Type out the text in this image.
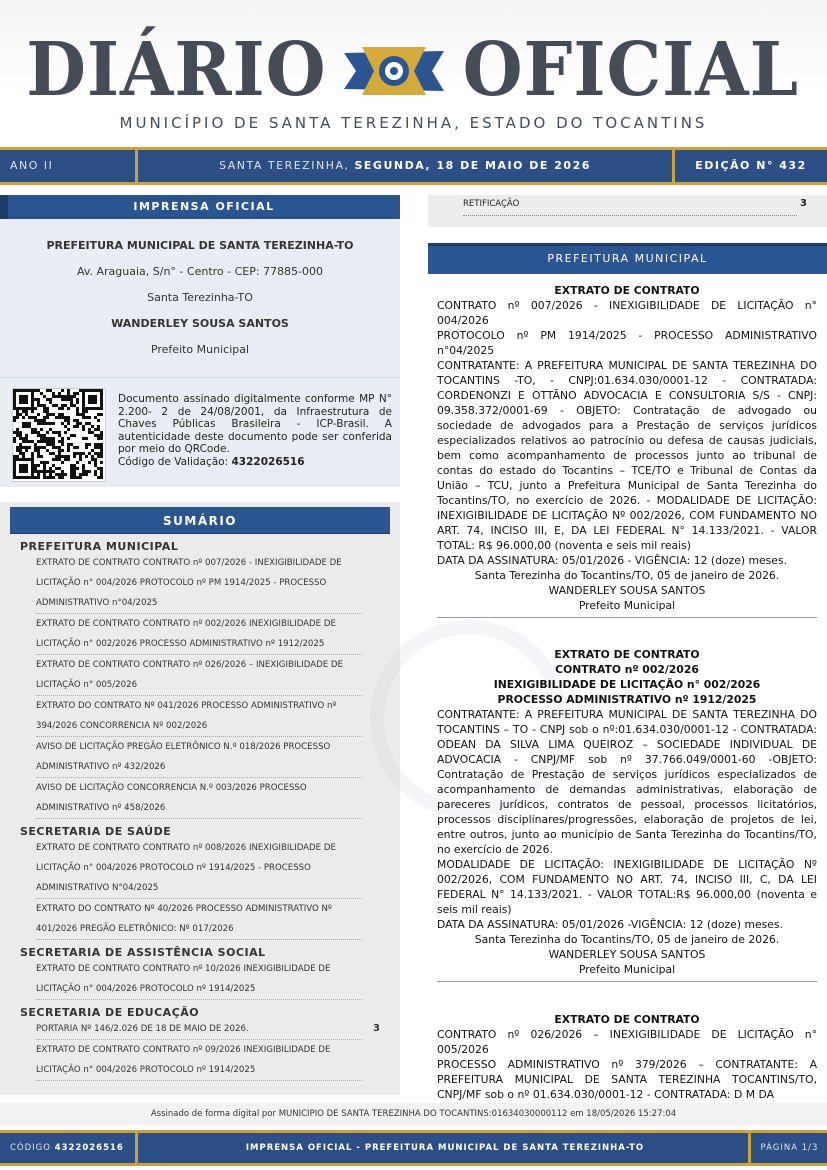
DIÁRIO OFICIAL
MUNICÍPIO DE SANTA TEREZINHA, ESTADO DO TOCANTINS
ANO II	SANTA TEREZINHA, SEGUNDA, 18 DE MAIO DE 2026	EDIÇÃO N° 432
IMPRENSA OFICIAL
PREFEITURA MUNICIPAL DE SANTA TEREZINHA-TO
Av. Araguaia, S/n° - Centro - CEP: 77885-000
Santa Terezinha-TO
WANDERLEY SOUSA SANTOS
Prefeito Municipal
Documento assinado digitalmente conforme MP N° 2.200- 2 de 24/08/2001, da Infraestrutura de Chaves Públicas Brasileira - ICP-Brasil. A autenticidade deste documento pode ser conferida por meio do QRCode.
Código de Validação: 4322026516
SUMÁRIO
PREFEITURA MUNICIPAL
EXTRATO DE CONTRATO CONTRATO nº 007/2026 - INEXIGIBILIDADE DE LICITAÇÃO n° 004/2026 PROTOCOLO nº PM 1914/2025 - PROCESSO ADMINISTRATIVO n°04/2025
EXTRATO DE CONTRATO CONTRATO nº 002/2026 INEXIGIBILIDADE DE LICITAÇÃO n° 002/2026 PROCESSO ADMINISTRATIVO nº 1912/2025
EXTRATO DE CONTRATO CONTRATO nº 026/2026 – INEXIGIBILIDADE DE LICITAÇÃO n° 005/2026
EXTRATO DO CONTRATO Nº 041/2026 PROCESSO ADMINISTRATIVO nº 394/2026 CONCORRENCIA Nº 002/2026
AVISO DE LICITAÇÃO PREGÃO ELETRÔNICO N.º 018/2026 PROCESSO ADMINISTRATIVO nº 432/2026
AVISO DE LICITAÇÃO CONCORRENCIA N.º 003/2026 PROCESSO ADMINISTRATIVO nº 458/2026
SECRETARIA DE SAÚDE
EXTRATO DE CONTRATO CONTRATO nº 008/2026 INEXIGIBILIDADE DE LICITAÇÃO n° 004/2026 PROTOCOLO nº 1914/2025 - PROCESSO ADMINISTRATIVO N°04/2025
EXTRATO DO CONTRATO Nº 40/2026 PROCESSO ADMINISTRATIVO Nº 401/2026 PREGÃO ELETRÔNICO: Nº 017/2026
SECRETARIA DE ASSISTÊNCIA SOCIAL
EXTRATO DE CONTRATO CONTRATO nº 10/2026 INEXIGIBILIDADE DE LICITAÇÃO n° 004/2026 PROTOCOLO nº 1914/2025
SECRETARIA DE EDUCAÇÃO
PORTARIA Nº 146/2.026 DE 18 DE MAIO DE 2026.	3
EXTRATO DE CONTRATO CONTRATO nº 09/2026 INEXIGIBILIDADE DE LICITAÇÃO n° 004/2026 PROTOCOLO nº 1914/2025
RETIFICAÇÃO	3
PREFEITURA MUNICIPAL
EXTRATO DE CONTRATO
CONTRATO nº 007/2026 - INEXIGIBILIDADE DE LICITAÇÃO n° 004/2026
PROTOCOLO nº PM 1914/2025 - PROCESSO ADMINISTRATIVO n°04/2025
CONTRATANTE: A PREFEITURA MUNICIPAL DE SANTA TEREZINHA DO TOCANTINS -TO, - CNPJ:01.634.030/0001-12 - CONTRATADA: CORDENONZI E OTTÃNO ADVOCACIA E CONSULTORIA S/S - CNPJ: 09.358.372/0001-69 - OBJETO: Contratação de advogado ou sociedade de advogados para a Prestação de serviços jurídicos especializados relativos ao patrocínio ou defesa de causas judiciais, bem como acompanhamento de processos junto ao tribunal de contas do estado do Tocantins – TCE/TO e Tribunal de Contas da União – TCU, junto a Prefeitura Municipal de Santa Terezinha do Tocantins/TO, no exercício de 2026. - MODALIDADE DE LICITAÇÃO: INEXIGIBILIDADE DE LICITAÇÃO Nº 002/2026, COM FUNDAMENTO NO ART. 74, INCISO III, E, DA LEI FEDERAL N° 14.133/2021. - VALOR TOTAL: R$ 96.000,00 (noventa e seis mil reais)
DATA DA ASSINATURA: 05/01/2026 - VIGÊNCIA: 12 (doze) meses.
Santa Terezinha do Tocantins/TO, 05 de janeiro de 2026.
WANDERLEY SOUSA SANTOS
Prefeito Municipal
EXTRATO DE CONTRATO
CONTRATO nº 002/2026
INEXIGIBILIDADE DE LICITAÇÃO n° 002/2026
PROCESSO ADMINISTRATIVO nº 1912/2025
CONTRATANTE: A PREFEITURA MUNICIPAL DE SANTA TEREZINHA DO TOCANTINS – TO - CNPJ sob o nº:01.634.030/0001-12 - CONTRATADA: ODEAN DA SILVA LIMA QUEIROZ – SOCIEDADE INDIVIDUAL DE ADVOCACIA - CNPJ/MF sob nº 37.766.049/0001-60 -OBJETO: Contratação de Prestação de serviços jurídicos especializados de acompanhamento de demandas administrativas, elaboração de pareceres jurídicos, contratos de pessoal, processos licitatórios, processos disciplinares/progressões, elaboração de projetos de lei, entre outros, junto ao município de Santa Terezinha do Tocantins/TO, no exercício de 2026.
MODALIDADE DE LICITAÇÃO: INEXIGIBILIDADE DE LICITAÇÃO Nº 002/2026, COM FUNDAMENTO NO ART. 74, INCISO III, C, DA LEI FEDERAL N° 14.133/2021. - VALOR TOTAL:R$ 96.000,00 (noventa e seis mil reais)
DATA DA ASSINATURA: 05/01/2026 -VIGÊNCIA: 12 (doze) meses.
Santa Terezinha do Tocantins/TO, 05 de janeiro de 2026.
WANDERLEY SOUSA SANTOS
Prefeito Municipal
EXTRATO DE CONTRATO
CONTRATO nº 026/2026 – INEXIGIBILIDADE DE LICITAÇÃO n° 005/2026
PROCESSO ADMINISTRATIVO nº 379/2026 – CONTRATANTE: A PREFEITURA MUNICIPAL DE SANTA TEREZINHA TOCANTINS/TO, CNPJ/MF sob o nº 01.634.030/0001-12 - CONTRATADA: D M DA
Assinado de forma digital por MUNICIPIO DE SANTA TEREZINHA DO TOCANTINS:01634030000112 em 18/05/2026 15:27:04
CÓDIGO 4322026516	IMPRENSA OFICIAL - PREFEITURA MUNICIPAL DE SANTA TEREZINHA-TO	PÁGINA 1/3
